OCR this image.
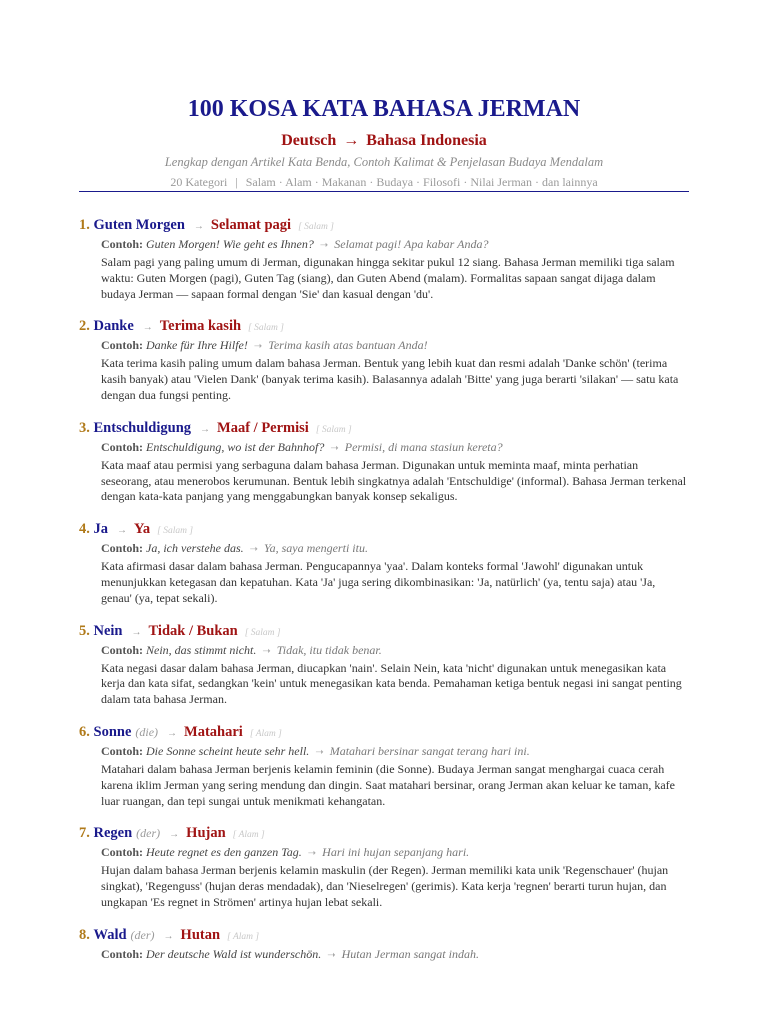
100 KOSA KATA BAHASA JERMAN
Deutsch → Bahasa Indonesia
Lengkap dengan Artikel Kata Benda, Contoh Kalimat & Penjelasan Budaya Mendalam
20 Kategori | Salam · Alam · Makanan · Budaya · Filosofi · Nilai Jerman · dan lainnya
1. Guten Morgen → Selamat pagi [ Salam ]
Contoh: Guten Morgen! Wie geht es Ihnen? ➝ Selamat pagi! Apa kabar Anda?
Salam pagi yang paling umum di Jerman, digunakan hingga sekitar pukul 12 siang. Bahasa Jerman memiliki tiga salam waktu: Guten Morgen (pagi), Guten Tag (siang), dan Guten Abend (malam). Formalitas sapaan sangat dijaga dalam budaya Jerman — sapaan formal dengan 'Sie' dan kasual dengan 'du'.
2. Danke → Terima kasih [ Salam ]
Contoh: Danke für Ihre Hilfe! ➝ Terima kasih atas bantuan Anda!
Kata terima kasih paling umum dalam bahasa Jerman. Bentuk yang lebih kuat dan resmi adalah 'Danke schön' (terima kasih banyak) atau 'Vielen Dank' (banyak terima kasih). Balasannya adalah 'Bitte' yang juga berarti 'silakan' — satu kata dengan dua fungsi penting.
3. Entschuldigung → Maaf / Permisi [ Salam ]
Contoh: Entschuldigung, wo ist der Bahnhof? ➝ Permisi, di mana stasiun kereta?
Kata maaf atau permisi yang serbaguna dalam bahasa Jerman. Digunakan untuk meminta maaf, minta perhatian seseorang, atau menerobos kerumunan. Bentuk lebih singkatnya adalah 'Entschuldige' (informal). Bahasa Jerman terkenal dengan kata-kata panjang yang menggabungkan banyak konsep sekaligus.
4. Ja → Ya [ Salam ]
Contoh: Ja, ich verstehe das. ➝ Ya, saya mengerti itu.
Kata afirmasi dasar dalam bahasa Jerman. Pengucapannya 'yaa'. Dalam konteks formal 'Jawohl' digunakan untuk menunjukkan ketegasan dan kepatuhan. Kata 'Ja' juga sering dikombinasikan: 'Ja, natürlich' (ya, tentu saja) atau 'Ja, genau' (ya, tepat sekali).
5. Nein → Tidak / Bukan [ Salam ]
Contoh: Nein, das stimmt nicht. ➝ Tidak, itu tidak benar.
Kata negasi dasar dalam bahasa Jerman, diucapkan 'nain'. Selain Nein, kata 'nicht' digunakan untuk menegasikan kata kerja dan kata sifat, sedangkan 'kein' untuk menegasikan kata benda. Pemahaman ketiga bentuk negasi ini sangat penting dalam tata bahasa Jerman.
6. Sonne (die) → Matahari [ Alam ]
Contoh: Die Sonne scheint heute sehr hell. ➝ Matahari bersinar sangat terang hari ini.
Matahari dalam bahasa Jerman berjenis kelamin feminin (die Sonne). Budaya Jerman sangat menghargai cuaca cerah karena iklim Jerman yang sering mendung dan dingin. Saat matahari bersinar, orang Jerman akan keluar ke taman, kafe luar ruangan, dan tepi sungai untuk menikmati kehangatan.
7. Regen (der) → Hujan [ Alam ]
Contoh: Heute regnet es den ganzen Tag. ➝ Hari ini hujan sepanjang hari.
Hujan dalam bahasa Jerman berjenis kelamin maskulin (der Regen). Jerman memiliki kata unik 'Regenschauer' (hujan singkat), 'Regenguss' (hujan deras mendadak), dan 'Nieselregen' (gerimis). Kata kerja 'regnen' berarti turun hujan, dan ungkapan 'Es regnet in Strömen' artinya hujan lebat sekali.
8. Wald (der) → Hutan [ Alam ]
Contoh: Der deutsche Wald ist wunderschön. ➝ Hutan Jerman sangat indah.
